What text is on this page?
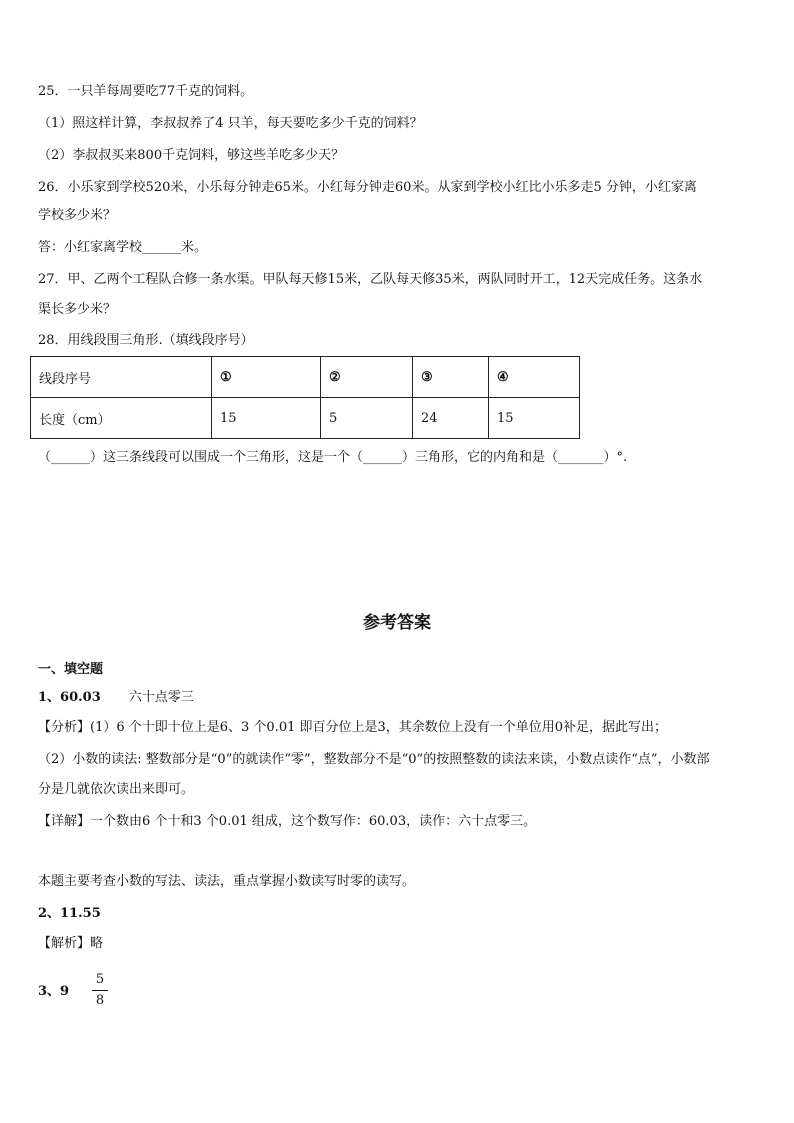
25．一只羊每周要吃77千克的饲料。
（1）照这样计算，李叔叔养了4 只羊，每天要吃多少千克的饲料？
（2）李叔叔买来800千克饲料，够这些羊吃多少天？
26．小乐家到学校520米，小乐每分钟走65米。小红每分钟走60米。从家到学校小红比小乐多走5 分钟，小红家离
学校多少米？
答：小红家离学校______米。
27．甲、乙两个工程队合修一条水渠。甲队每天修15米，乙队每天修35米，两队同时开工，12天完成任务。这条水
渠长多少米？
28．用线段围三角形.（填线段序号）
线段序号	①	②	③	④
长度（cm）	15	5	24	15
（______）这三条线段可以围成一个三角形，这是一个（______）三角形，它的内角和是（_______）°.
参考答案
一、填空题
1、60.03 六十点零三
【分析】(1）6 个十即十位上是6、3 个0.01 即百分位上是3，其余数位上没有一个单位用0补足，据此写出；
（2）小数的读法: 整数部分是“0”的就读作“零”，整数部分不是“0”的按照整数的读法来读，小数点读作“点”，小数部
分是几就依次读出来即可。
【详解】一个数由6 个十和3 个0.01 组成，这个数写作：60.03，读作：六十点零三。
本题主要考查小数的写法、读法，重点掌握小数读写时零的读写。
2、11.55
【解析】略
3、9
5
8
